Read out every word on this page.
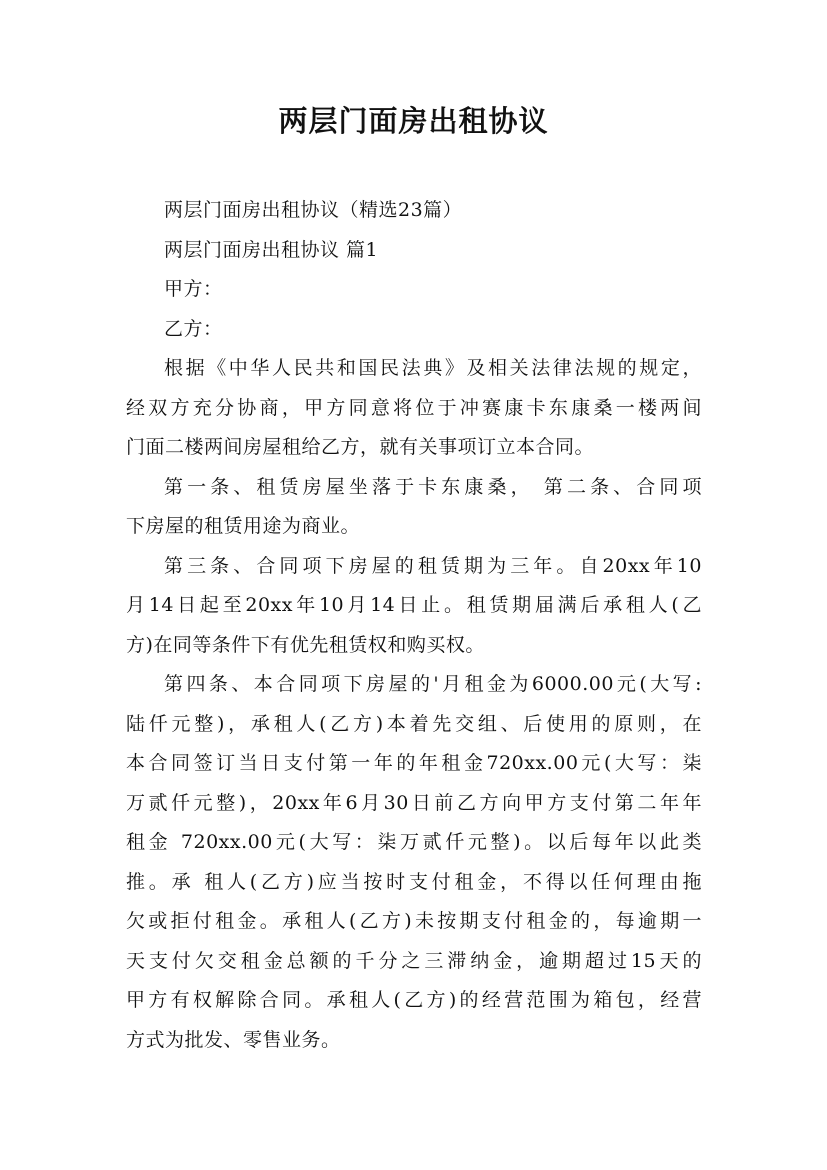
两层门面房出租协议
两层门面房出租协议（精选23篇）
两层门面房出租协议 篇1
甲方：
乙方：
根据《中华人民共和国民法典》及相关法律法规的规定，
经双方充分协商，甲方同意将位于冲赛康卡东康桑一楼两间
门面二楼两间房屋租给乙方，就有关事项订立本合同。
第一条、租赁房屋坐落于卡东康桑， 第二条、合同项
下房屋的租赁用途为商业。
第三条、合同项下房屋的租赁期为三年。自20xx年10
月14日起至20xx年10月14日止。租赁期届满后承租人(乙
方)在同等条件下有优先租赁权和购买权。
第四条、本合同项下房屋的'月租金为6000.00元(大写:
陆仟元整)，承租人(乙方)本着先交组、后使用的原则，在
本合同签订当日支付第一年的年租金720xx.00元(大写：柒
万贰仟元整)，20xx年6月30日前乙方向甲方支付第二年年
租金 720xx.00元(大写：柒万贰仟元整)。以后每年以此类
推。承 租人(乙方)应当按时支付租金，不得以任何理由拖
欠或拒付租金。承租人(乙方)未按期支付租金的，每逾期一
天支付欠交租金总额的千分之三滞纳金，逾期超过15天的
甲方有权解除合同。承租人(乙方)的经营范围为箱包，经营
方式为批发、零售业务。
